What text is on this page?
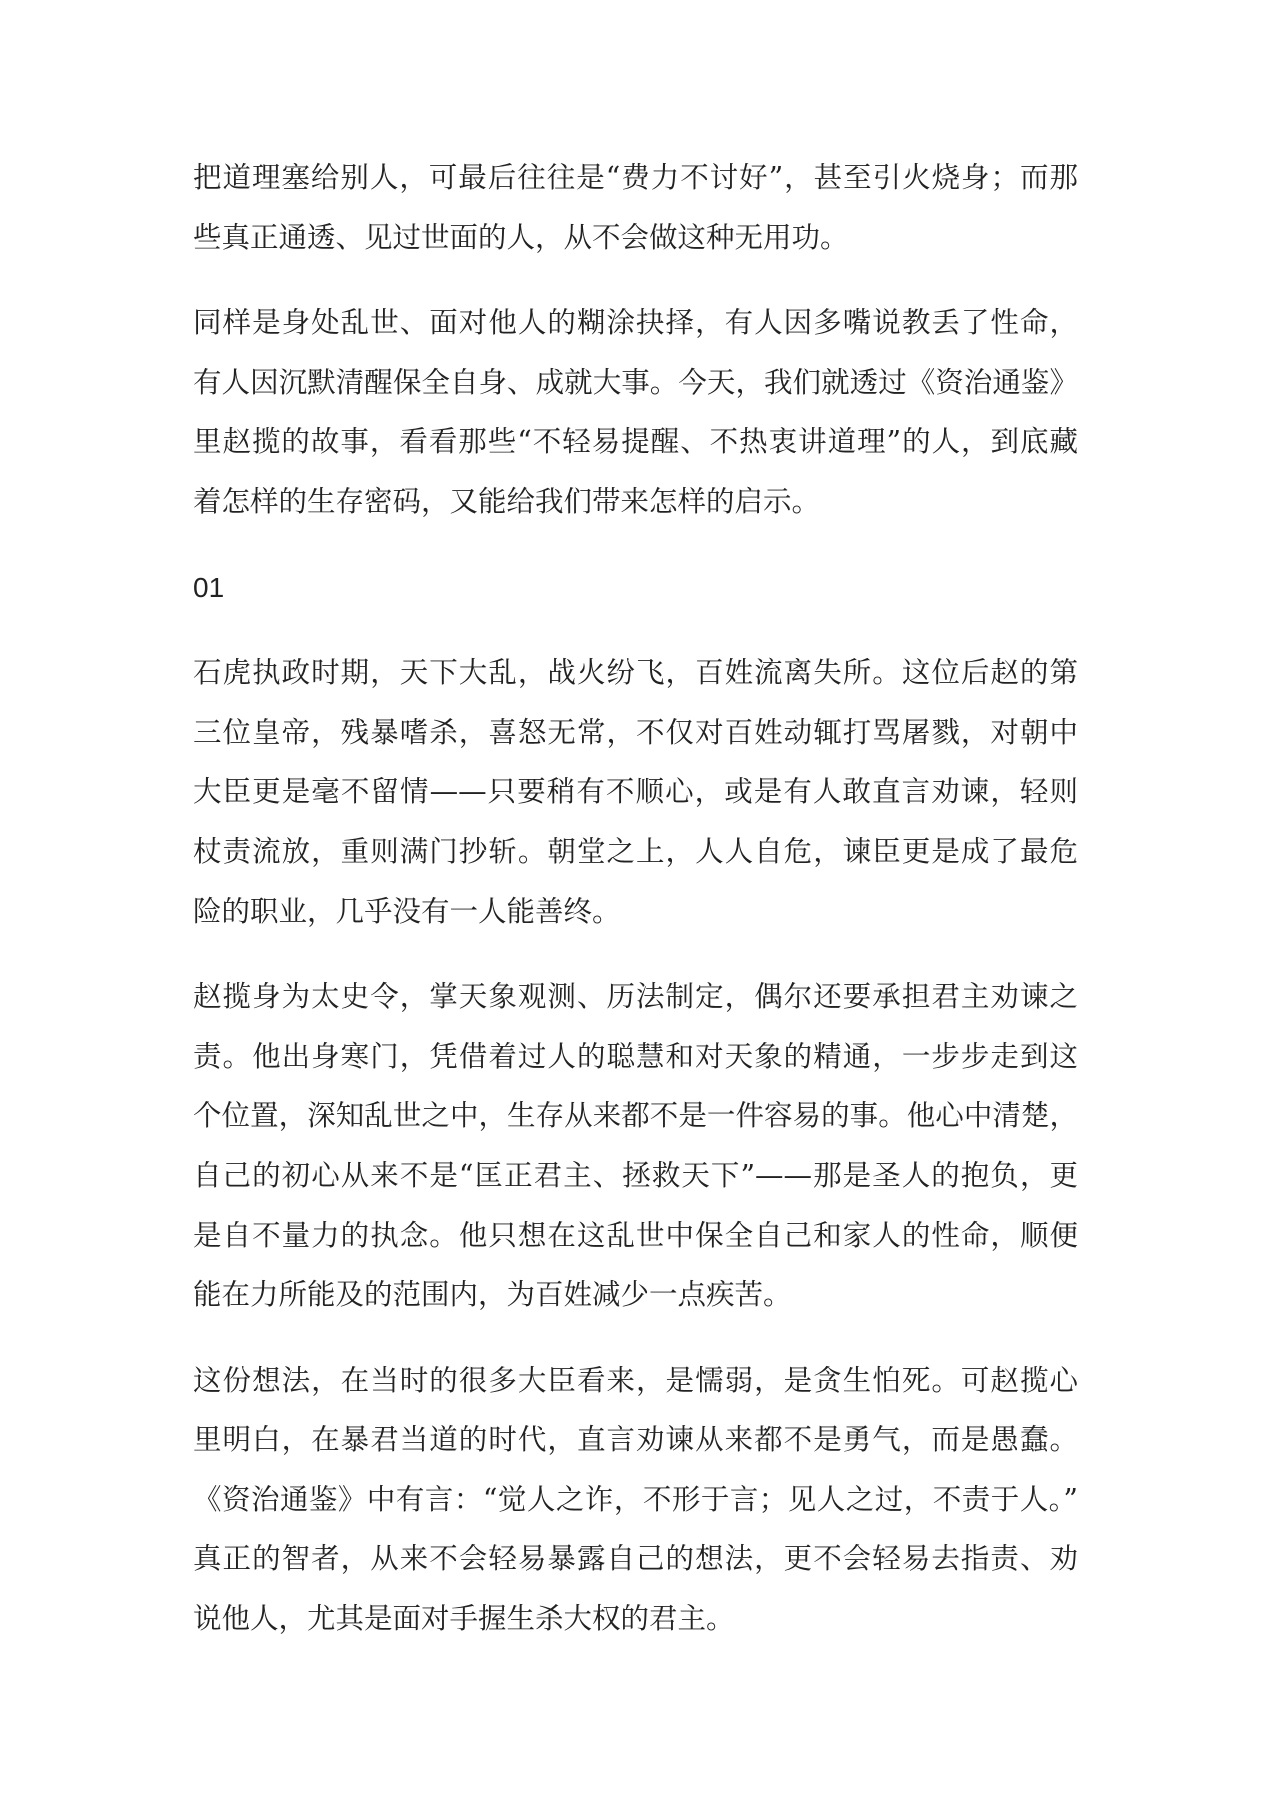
把道理塞给别人，可最后往往是“费力不讨好”，甚至引火烧身；而那
些真正通透、见过世面的人，从不会做这种无用功。
同样是身处乱世、面对他人的糊涂抉择，有人因多嘴说教丢了性命，
有人因沉默清醒保全自身、成就大事。今天，我们就透过《资治通鉴》
里赵揽的故事，看看那些“不轻易提醒、不热衷讲道理”的人，到底藏
着怎样的生存密码，又能给我们带来怎样的启示。
01
石虎执政时期，天下大乱，战火纷飞，百姓流离失所。这位后赵的第
三位皇帝，残暴嗜杀，喜怒无常，不仅对百姓动辄打骂屠戮，对朝中
大臣更是毫不留情——只要稍有不顺心，或是有人敢直言劝谏，轻则
杖责流放，重则满门抄斩。朝堂之上，人人自危，谏臣更是成了最危
险的职业，几乎没有一人能善终。
赵揽身为太史令，掌天象观测、历法制定，偶尔还要承担君主劝谏之
责。他出身寒门，凭借着过人的聪慧和对天象的精通，一步步走到这
个位置，深知乱世之中，生存从来都不是一件容易的事。他心中清楚，
自己的初心从来不是“匡正君主、拯救天下”——那是圣人的抱负，更
是自不量力的执念。他只想在这乱世中保全自己和家人的性命，顺便
能在力所能及的范围内，为百姓减少一点疾苦。
这份想法，在当时的很多大臣看来，是懦弱，是贪生怕死。可赵揽心
里明白，在暴君当道的时代，直言劝谏从来都不是勇气，而是愚蠢。
《资治通鉴》中有言：“觉人之诈，不形于言；见人之过，不责于人。”
真正的智者，从来不会轻易暴露自己的想法，更不会轻易去指责、劝
说他人，尤其是面对手握生杀大权的君主。
